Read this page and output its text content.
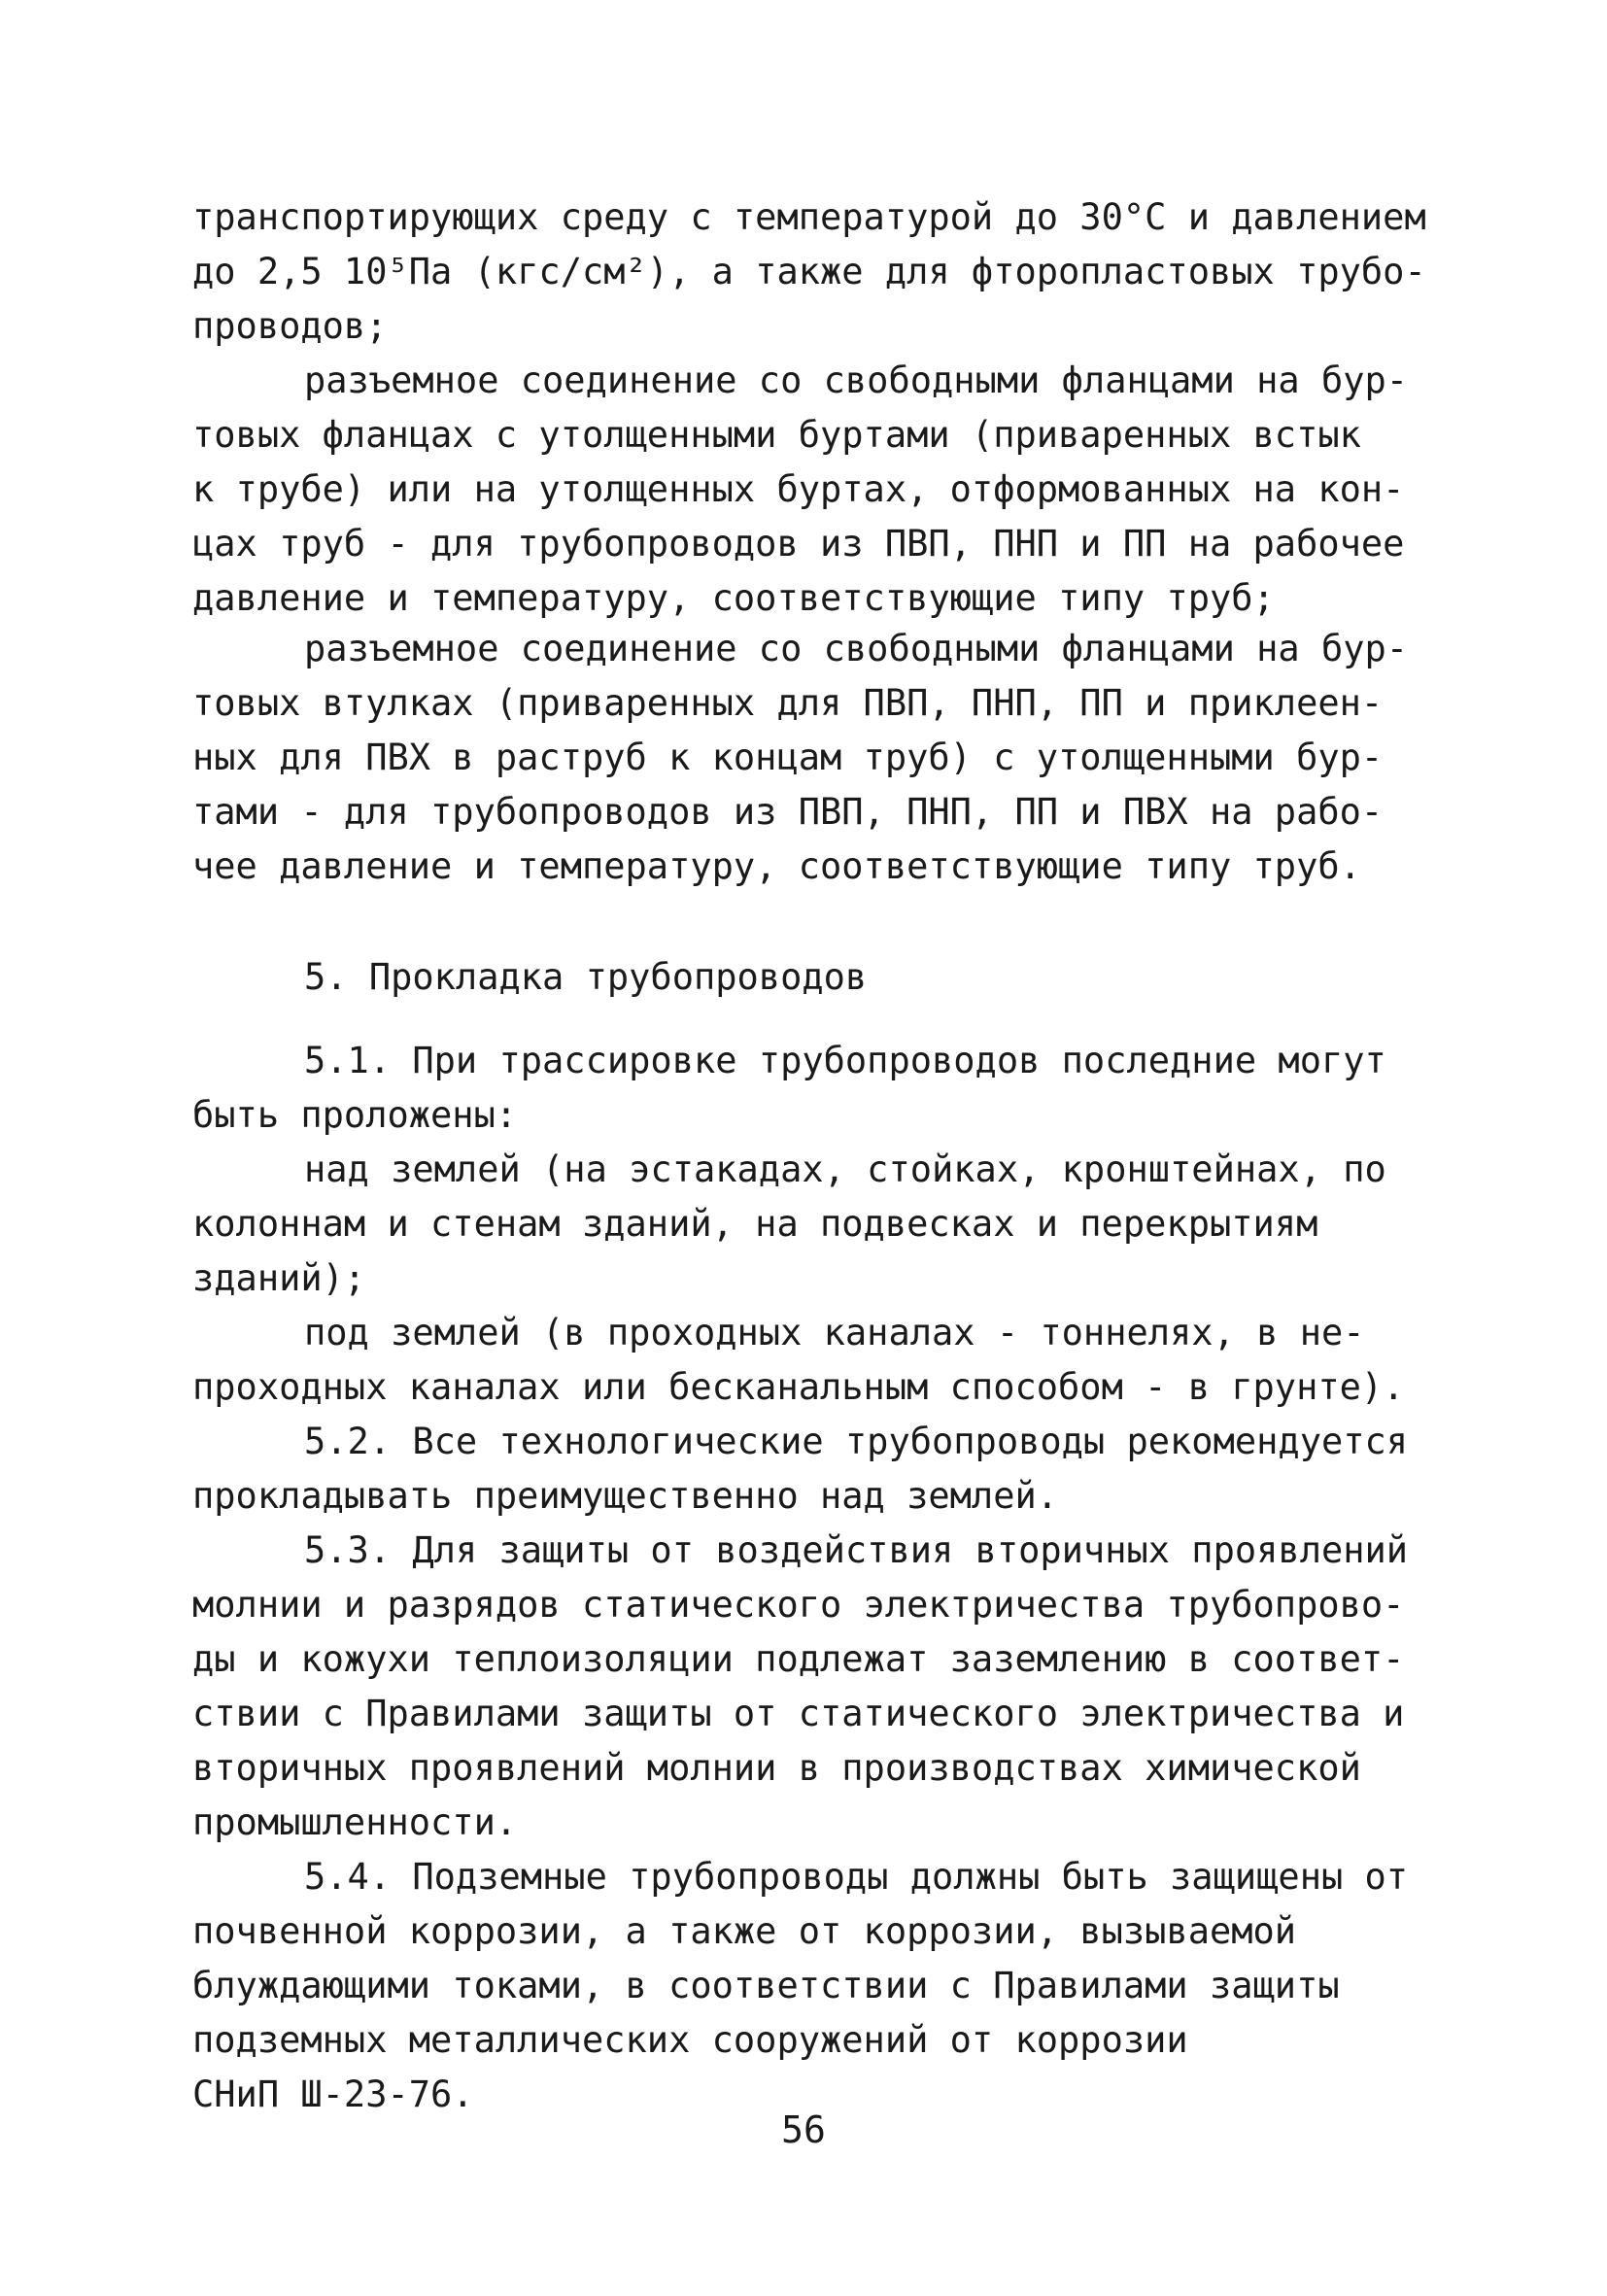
транспортирующих среду с температурой до 30°С и давлением
до 2,5 10⁵Па (кгс/см²), а также для фторопластовых трубо-
проводов;
разъемное соединение со свободными фланцами на бур-
товых фланцах с утолщенными буртами (приваренных встык
к трубе) или на утолщенных буртах, отформованных на кон-
цах труб - для трубопроводов из ПВП, ПНП и ПП на рабочее
давление и температуру, соответствующие типу труб;
разъемное соединение со свободными фланцами на бур-
товых втулках (приваренных для ПВП, ПНП, ПП и приклеен-
ных для ПВХ в раструб к концам труб) с утолщенными бур-
тами - для трубопроводов из ПВП, ПНП, ПП и ПВХ на рабо-
чее давление и температуру, соответствующие типу труб.
5. Прокладка трубопроводов
5.1. При трассировке трубопроводов последние могут
быть проложены:
над землей (на эстакадах, стойках, кронштейнах, по
колоннам и стенам зданий, на подвесках и перекрытиям
зданий);
под землей (в проходных каналах - тоннелях, в не-
проходных каналах или бесканальным способом - в грунте).
5.2. Все технологические трубопроводы рекомендуется
прокладывать преимущественно над землей.
5.3. Для защиты от воздействия вторичных проявлений
молнии и разрядов статического электричества трубопрово-
ды и кожухи теплоизоляции подлежат заземлению в соответ-
ствии с Правилами защиты от статического электричества и
вторичных проявлений молнии в производствах химической
промышленности.
5.4. Подземные трубопроводы должны быть защищены от
почвенной коррозии, а также от коррозии, вызываемой
блуждающими токами, в соответствии с Правилами защиты
подземных металлических сооружений от коррозии
СНиП Ш-23-76.
56
